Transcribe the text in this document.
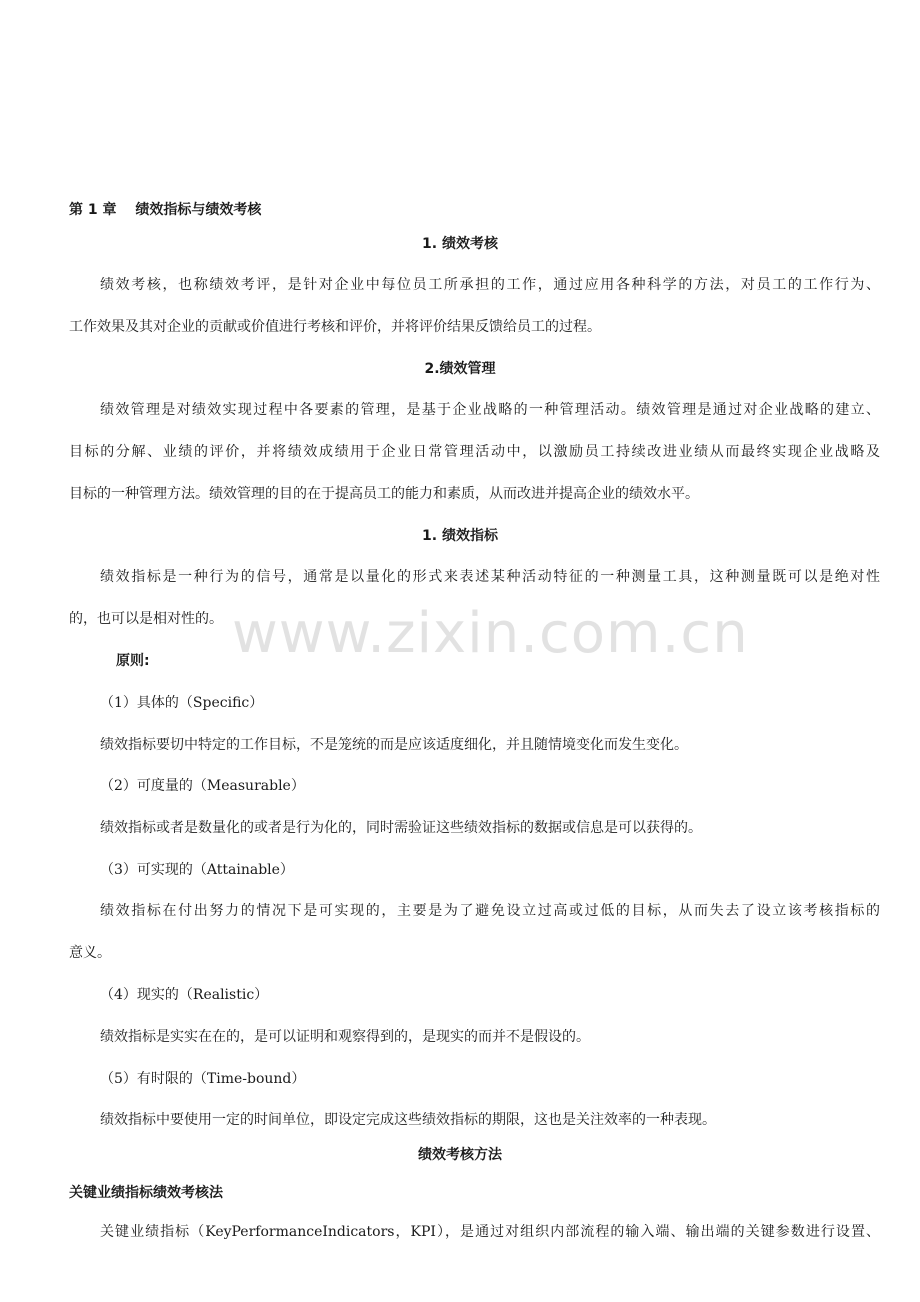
第 1 章　 绩效指标与绩效考核
1. 绩效考核
绩效考核，也称绩效考评，是针对企业中每位员工所承担的工作，通过应用各种科学的方法，对员工的工作行为、
工作效果及其对企业的贡献或价值进行考核和评价，并将评价结果反馈给员工的过程。
2.绩效管理
绩效管理是对绩效实现过程中各要素的管理，是基于企业战略的一种管理活动。绩效管理是通过对企业战略的建立、
目标的分解、业绩的评价，并将绩效成绩用于企业日常管理活动中，以激励员工持续改进业绩从而最终实现企业战略及
目标的一种管理方法。绩效管理的目的在于提高员工的能力和素质，从而改进并提高企业的绩效水平。
1. 绩效指标
绩效指标是一种行为的信号，通常是以量化的形式来表述某种活动特征的一种测量工具，这种测量既可以是绝对性
的，也可以是相对性的。
原则:
（1）具体的（Specific）
绩效指标要切中特定的工作目标，不是笼统的而是应该适度细化，并且随情境变化而发生变化。
（2）可度量的（Measurable）
绩效指标或者是数量化的或者是行为化的，同时需验证这些绩效指标的数据或信息是可以获得的。
（3）可实现的（Attainable）
绩效指标在付出努力的情况下是可实现的，主要是为了避免设立过高或过低的目标，从而失去了设立该考核指标的
意义。
（4）现实的（Realistic）
绩效指标是实实在在的，是可以证明和观察得到的，是现实的而并不是假设的。
（5）有时限的（Time-bound）
绩效指标中要使用一定的时间单位，即设定完成这些绩效指标的期限，这也是关注效率的一种表现。
绩效考核方法
关键业绩指标绩效考核法
关键业绩指标（KeyPerformanceIndicators，KPI），是通过对组织内部流程的输入端、输出端的关键参数进行设置、
www.zixin.com.cn
